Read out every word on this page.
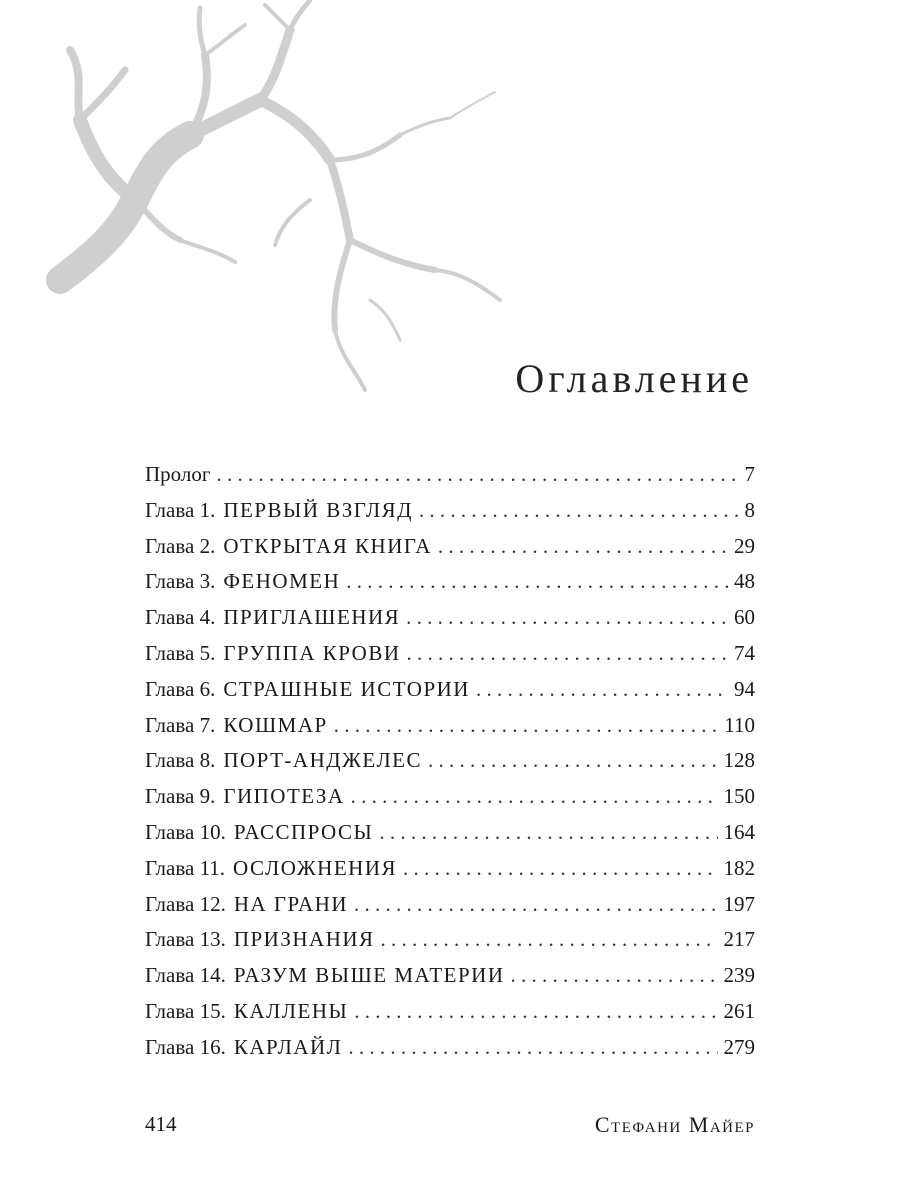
Оглавление
Пролог . . .	7
Глава 1. ПЕРВЫЙ ВЗГЛЯД . . .	8
Глава 2. ОТКРЫТАЯ КНИГА . . .	29
Глава 3. ФЕНОМЕН . . .	48
Глава 4. ПРИГЛАШЕНИЯ . . .	60
Глава 5. ГРУППА КРОВИ . . .	74
Глава 6. СТРАШНЫЕ ИСТОРИИ . . .	94
Глава 7. КОШМАР . . .	110
Глава 8. ПОРТ-АНДЖЕЛЕС . . .	128
Глава 9. ГИПОТЕЗА . . .	150
Глава 10. РАССПРОСЫ . . .	164
Глава 11. ОСЛОЖНЕНИЯ . . .	182
Глава 12. НА ГРАНИ . . .	197
Глава 13. ПРИЗНАНИЯ . . .	217
Глава 14. РАЗУМ ВЫШЕ МАТЕРИИ . . .	239
Глава 15. КАЛЛЕНЫ . . .	261
Глава 16. КАРЛАЙЛ . . .	279
414	Стефани Майер
